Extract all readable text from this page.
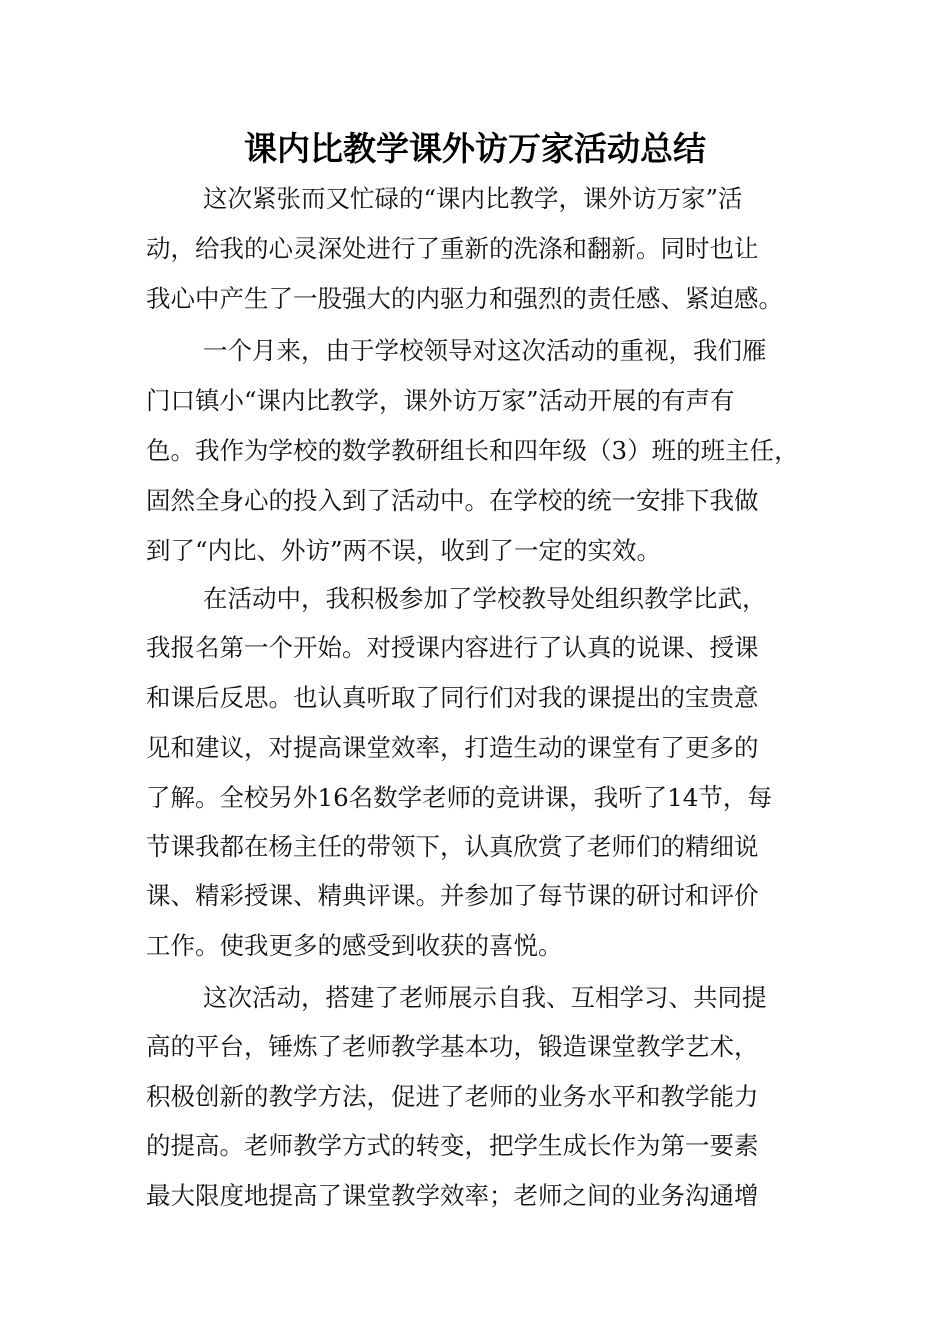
课内比教学课外访万家活动总结

这次紧张而又忙碌的“课内比教学，课外访万家”活

动，给我的心灵深处进行了重新的洗涤和翻新。同时也让

我心中产生了一股强大的内驱力和强烈的责任感、紧迫感。

一个月来，由于学校领导对这次活动的重视，我们雁

门口镇小“课内比教学，课外访万家”活动开展的有声有

色。我作为学校的数学教研组长和四年级（3）班的班主任，

固然全身心的投入到了活动中。在学校的统一安排下我做

到了“内比、外访”两不误，收到了一定的实效。

在活动中，我积极参加了学校教导处组织教学比武，

我报名第一个开始。对授课内容进行了认真的说课、授课

和课后反思。也认真听取了同行们对我的课提出的宝贵意

见和建议，对提高课堂效率，打造生动的课堂有了更多的

了解。全校另外16名数学老师的竞讲课，我听了14节，每

节课我都在杨主任的带领下，认真欣赏了老师们的精细说

课、精彩授课、精典评课。并参加了每节课的研讨和评价

工作。使我更多的感受到收获的喜悦。

这次活动，搭建了老师展示自我、互相学习、共同提

高的平台，锤炼了老师教学基本功，锻造课堂教学艺术，

积极创新的教学方法，促进了老师的业务水平和教学能力

的提高。老师教学方式的转变，把学生成长作为第一要素

最大限度地提高了课堂教学效率；老师之间的业务沟通增
